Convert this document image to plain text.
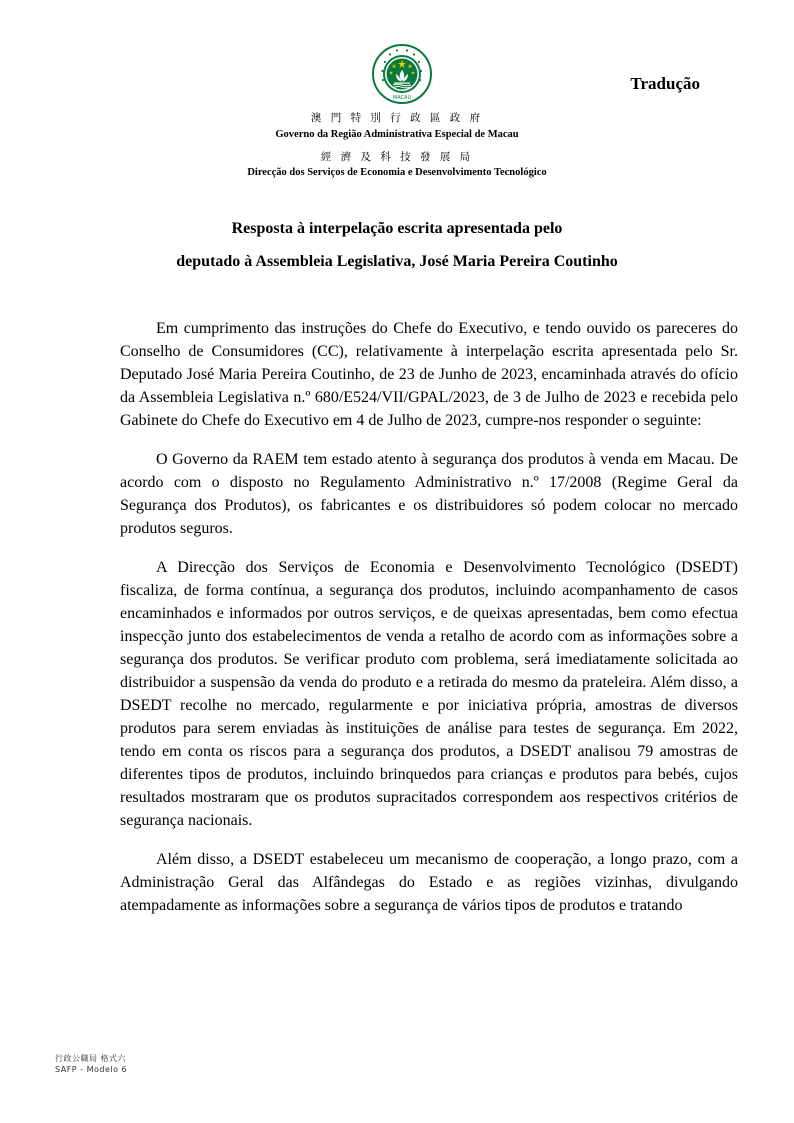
MACAU
Tradução
澳 門 特 別 行 政 區 政 府
Governo da Região Administrativa Especial de Macau
經 濟 及 科 技 發 展 局
Direcção dos Serviços de Economia e Desenvolvimento Tecnológico
Resposta à interpelação escrita apresentada pelo
deputado à Assembleia Legislativa, José Maria Pereira Coutinho

Em cumprimento das instruções do Chefe do Executivo, e tendo ouvido os pareceres do Conselho de Consumidores (CC), relativamente à interpelação escrita apresentada pelo Sr. Deputado José Maria Pereira Coutinho, de 23 de Junho de 2023, encaminhada através do ofício da Assembleia Legislativa n.º 680/E524/VII/GPAL/2023, de 3 de Julho de 2023 e recebida pelo Gabinete do Chefe do Executivo em 4 de Julho de 2023, cumpre-nos responder o seguinte:

O Governo da RAEM tem estado atento à segurança dos produtos à venda em Macau. De acordo com o disposto no Regulamento Administrativo n.º 17/2008 (Regime Geral da Segurança dos Produtos), os fabricantes e os distribuidores só podem colocar no mercado produtos seguros.

A Direcção dos Serviços de Economia e Desenvolvimento Tecnológico (DSEDT) fiscaliza, de forma contínua, a segurança dos produtos, incluindo acompanhamento de casos encaminhados e informados por outros serviços, e de queixas apresentadas, bem como efectua inspecção junto dos estabelecimentos de venda a retalho de acordo com as informações sobre a segurança dos produtos. Se verificar produto com problema, será imediatamente solicitada ao distribuidor a suspensão da venda do produto e a retirada do mesmo da prateleira. Além disso, a DSEDT recolhe no mercado, regularmente e por iniciativa própria, amostras de diversos produtos para serem enviadas às instituições de análise para testes de segurança. Em 2022, tendo em conta os riscos para a segurança dos produtos, a DSEDT analisou 79 amostras de diferentes tipos de produtos, incluindo brinquedos para crianças e produtos para bebés, cujos resultados mostraram que os produtos supracitados correspondem aos respectivos critérios de segurança nacionais.

Além disso, a DSEDT estabeleceu um mecanismo de cooperação, a longo prazo, com a Administração Geral das Alfândegas do Estado e as regiões vizinhas, divulgando atempadamente as informações sobre a segurança de vários tipos de produtos e tratando

行政公職局 格式六
SAFP - Modelo 6
